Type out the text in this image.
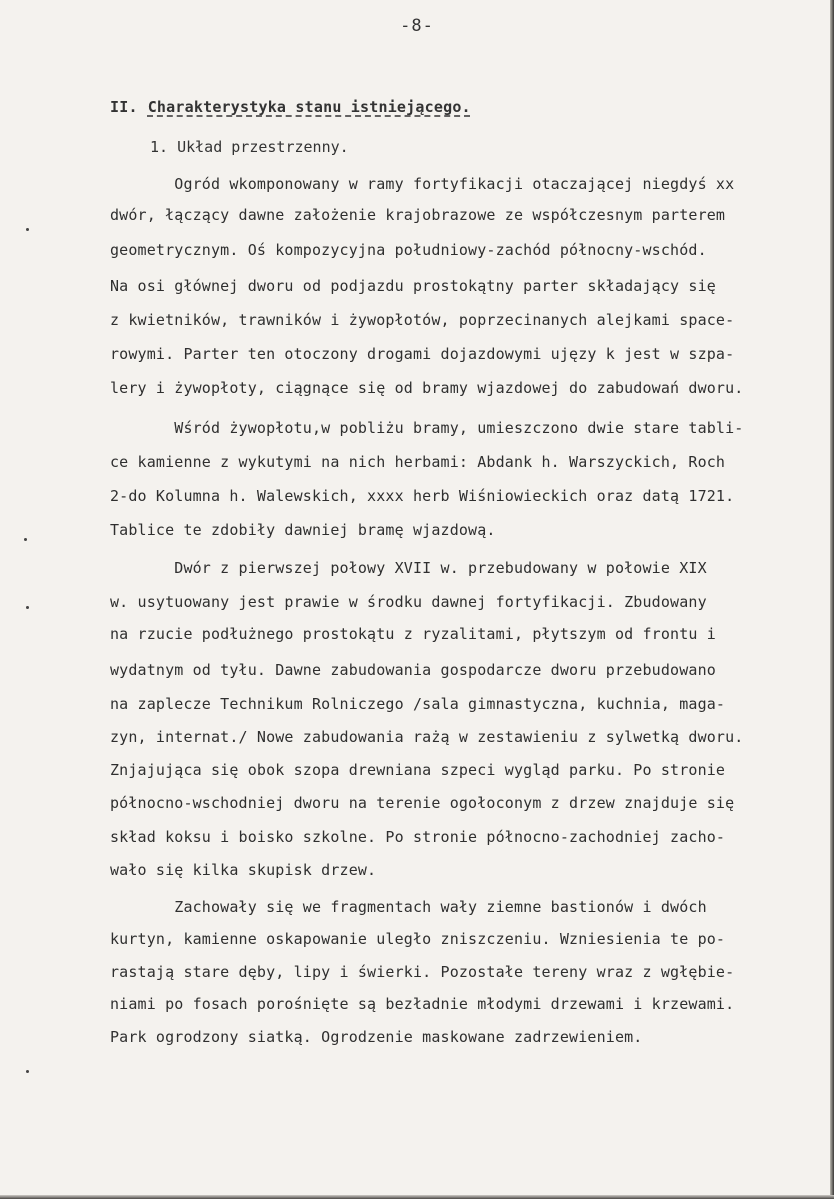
-8-
II. Charakterystyka stanu istniejącego.
1. Układ przestrzenny.
Ogród wkomponowany w ramy fortyfikacji otaczającej niegdyś xx
dwór, łączący dawne założenie krajobrazowe ze współczesnym parterem
geometrycznym. Oś kompozycyjna południowy-zachód północny-wschód.
Na osi głównej dworu od podjazdu prostokątny parter składający się
z kwietników, trawników i żywopłotów, poprzecinanych alejkami space-
rowymi. Parter ten otoczony drogami dojazdowymi ujęzy k jest w szpa-
lery i żywopłoty, ciągnące się od bramy wjazdowej do zabudowań dworu.
Wśród żywopłotu,w pobliżu bramy, umieszczono dwie stare tabli-
ce kamienne z wykutymi na nich herbami: Abdank h. Warszyckich, Roch
2-do Kolumna h. Walewskich, xxxx herb Wiśniowieckich oraz datą 1721.
Tablice te zdobiły dawniej bramę wjazdową.
Dwór z pierwszej połowy XVII w. przebudowany w połowie XIX
w. usytuowany jest prawie w środku dawnej fortyfikacji. Zbudowany
na rzucie podłużnego prostokątu z ryzalitami, płytszym od frontu i
wydatnym od tyłu. Dawne zabudowania gospodarcze dworu przebudowano
na zaplecze Technikum Rolniczego /sala gimnastyczna, kuchnia, maga-
zyn, internat./ Nowe zabudowania rażą w zestawieniu z sylwetką dworu.
Znjajująca się obok szopa drewniana szpeci wygląd parku. Po stronie
północno-wschodniej dworu na terenie ogołoconym z drzew znajduje się
skład koksu i boisko szkolne. Po stronie północno-zachodniej zacho-
wało się kilka skupisk drzew.
Zachowały się we fragmentach wały ziemne bastionów i dwóch
kurtyn, kamienne oskapowanie uległo zniszczeniu. Wzniesienia te po-
rastają stare dęby, lipy i świerki. Pozostałe tereny wraz z wgłębie-
niami po fosach porośnięte są bezładnie młodymi drzewami i krzewami.
Park ogrodzony siatką. Ogrodzenie maskowane zadrzewieniem.
